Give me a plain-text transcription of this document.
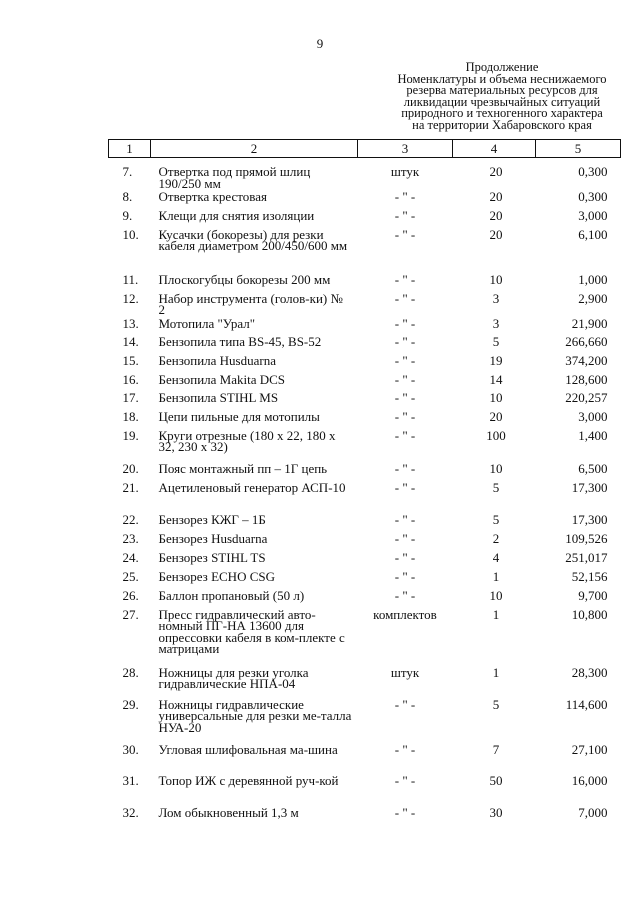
9
Продолжение
Номенклатуры и объема неснижаемого
резерва материальных ресурсов для
ликвидации чрезвычайных ситуаций
природного и техногенного характера
на территории Хабаровского края
1	2	3	4	5

7.	Отвертка под прямой шлиц 190/250 мм	штук	20	0,300
8.	Отвертка крестовая	- " -	20	0,300
9.	Клещи для снятия изоляции	- " -	20	3,000
10.	Кусачки (бокорезы) для резки кабеля диаметром 200/450/600 мм	- " -	20	6,100
11.	Плоскогубцы бокорезы 200 мм	- " -	10	1,000
12.	Набор инструмента (голов-ки) № 2	- " -	3	2,900
13.	Мотопила "Урал"	- " -	3	21,900
14.	Бензопила типа BS-45, BS-52	- " -	5	266,660
15.	Бензопила Husduarna	- " -	19	374,200
16.	Бензопила Makita DCS	- " -	14	128,600
17.	Бензопила STIHL MS	- " -	10	220,257
18.	Цепи пильные для мотопилы	- " -	20	3,000
19.	Круги отрезные (180 х 22, 180 х 32, 230 х 32)	- " -	100	1,400
20.	Пояс монтажный пп – 1Г цепь	- " -	10	6,500
21.	Ацетиленовый генератор АСП-10	- " -	5	17,300
22.	Бензорез КЖГ – 1Б	- " -	5	17,300
23.	Бензорез Husduarna	- " -	2	109,526
24.	Бензорез STIHL TS	- " -	4	251,017
25.	Бензорез ECHO CSG	- " -	1	52,156
26.	Баллон пропановый (50 л)	- " -	10	9,700
27.	Пресс гидравлический авто-номный ПГ-НА 13600 для опрессовки кабеля в ком-плекте с матрицами	комплектов	1	10,800
28.	Ножницы для резки уголка гидравлические НПА-04	штук	1	28,300
29.	Ножницы гидравлические универсальные для резки ме-талла НУА-20	- " -	5	114,600
30.	Угловая шлифовальная ма-шина	- " -	7	27,100
31.	Топор ИЖ с деревянной руч-кой	- " -	50	16,000
32.	Лом обыкновенный 1,3 м	- " -	30	7,000
